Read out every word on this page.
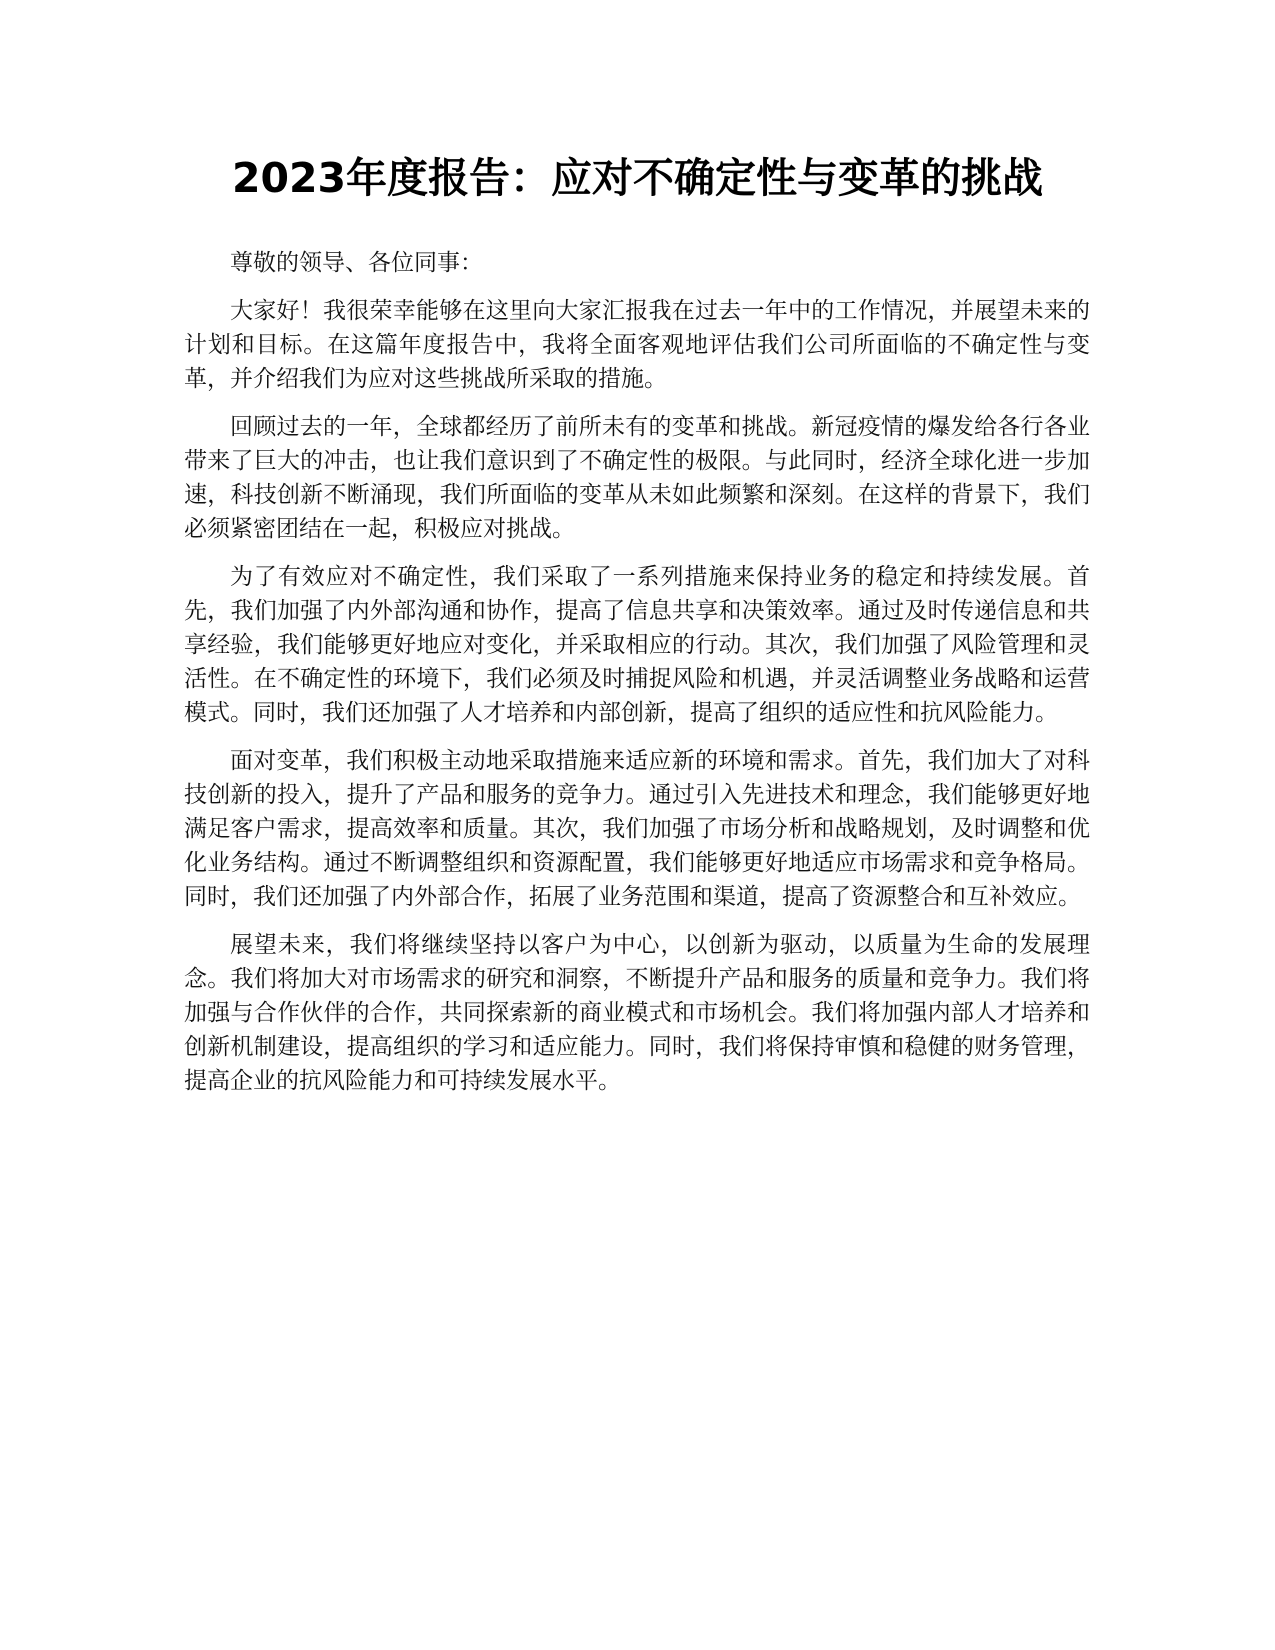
2023年度报告：应对不确定性与变革的挑战

尊敬的领导、各位同事：

大家好！我很荣幸能够在这里向大家汇报我在过去一年中的工作情况，并展望未来的计划和目标。在这篇年度报告中，我将全面客观地评估我们公司所面临的不确定性与变革，并介绍我们为应对这些挑战所采取的措施。

回顾过去的一年，全球都经历了前所未有的变革和挑战。新冠疫情的爆发给各行各业带来了巨大的冲击，也让我们意识到了不确定性的极限。与此同时，经济全球化进一步加速，科技创新不断涌现，我们所面临的变革从未如此频繁和深刻。在这样的背景下，我们必须紧密团结在一起，积极应对挑战。

为了有效应对不确定性，我们采取了一系列措施来保持业务的稳定和持续发展。首先，我们加强了内外部沟通和协作，提高了信息共享和决策效率。通过及时传递信息和共享经验，我们能够更好地应对变化，并采取相应的行动。其次，我们加强了风险管理和灵活性。在不确定性的环境下，我们必须及时捕捉风险和机遇，并灵活调整业务战略和运营模式。同时，我们还加强了人才培养和内部创新，提高了组织的适应性和抗风险能力。

面对变革，我们积极主动地采取措施来适应新的环境和需求。首先，我们加大了对科技创新的投入，提升了产品和服务的竞争力。通过引入先进技术和理念，我们能够更好地满足客户需求，提高效率和质量。其次，我们加强了市场分析和战略规划，及时调整和优化业务结构。通过不断调整组织和资源配置，我们能够更好地适应市场需求和竞争格局。同时，我们还加强了内外部合作，拓展了业务范围和渠道，提高了资源整合和互补效应。

展望未来，我们将继续坚持以客户为中心，以创新为驱动，以质量为生命的发展理念。我们将加大对市场需求的研究和洞察，不断提升产品和服务的质量和竞争力。我们将加强与合作伙伴的合作，共同探索新的商业模式和市场机会。我们将加强内部人才培养和创新机制建设，提高组织的学习和适应能力。同时，我们将保持审慎和稳健的财务管理，提高企业的抗风险能力和可持续发展水平。
